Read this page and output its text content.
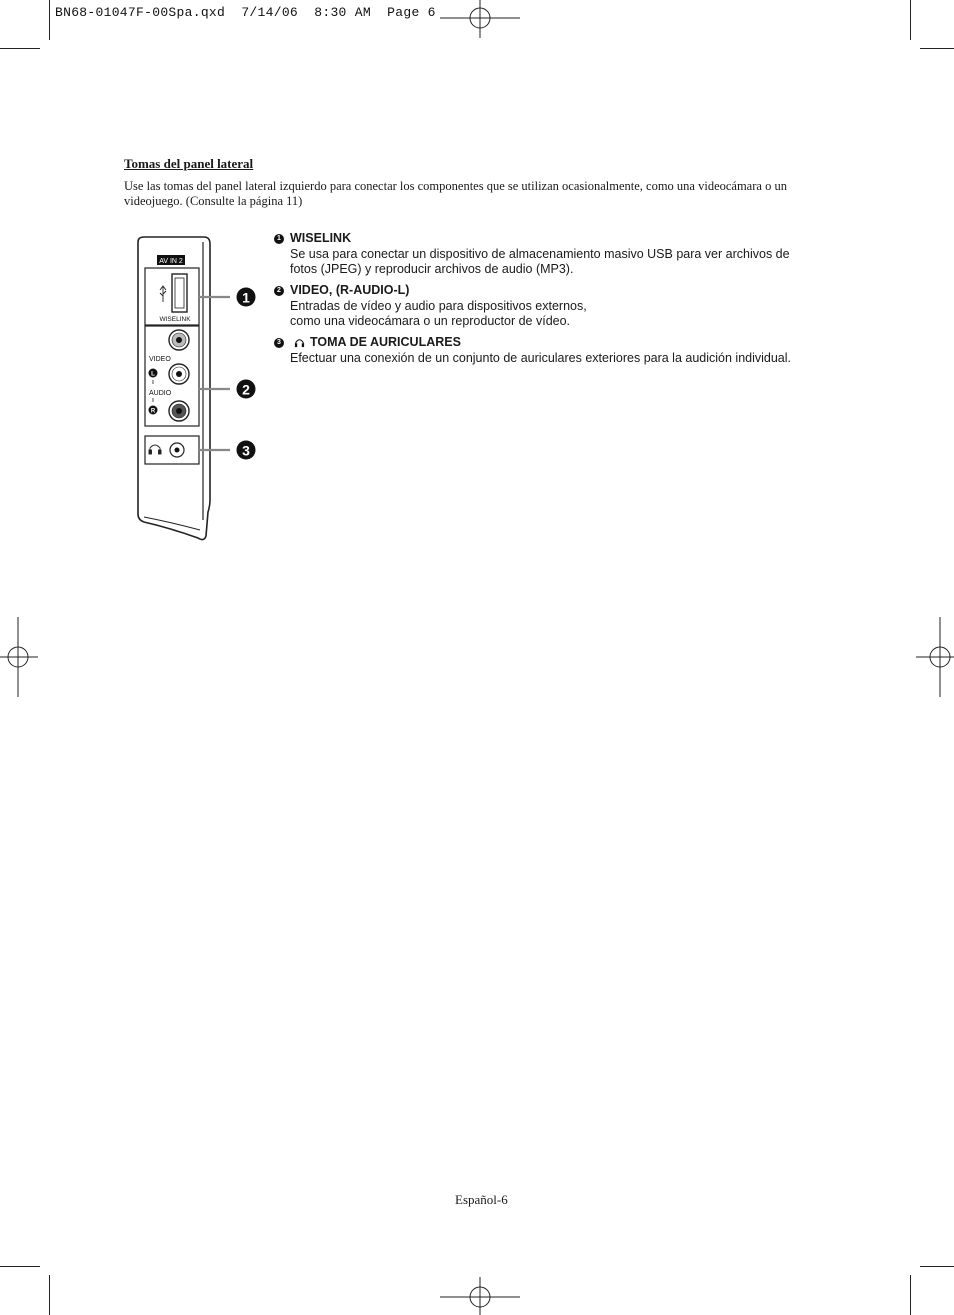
BN68-01047F-00Spa.qxd  7/14/06  8:30 AM  Page 6
Tomas del panel lateral
Use las tomas del panel lateral izquierdo para conectar los componentes que se utilizan ocasionalmente, como una videocámara o un videojuego. (Consulte la página 11)
AV IN 2
WISELINK
VIDEO
L
AUDIO
R
1
2
3
1 WISELINK
Se usa para conectar un dispositivo de almacenamiento masivo USB para ver archivos de
fotos (JPEG) y reproducir archivos de audio (MP3).
2 VIDEO, (R-AUDIO-L)
Entradas de vídeo y audio para dispositivos externos,
como una videocámara o un reproductor de vídeo.
3 TOMA DE AURICULARES
Efectuar una conexión de un conjunto de auriculares exteriores para la audición individual.
Español-6
